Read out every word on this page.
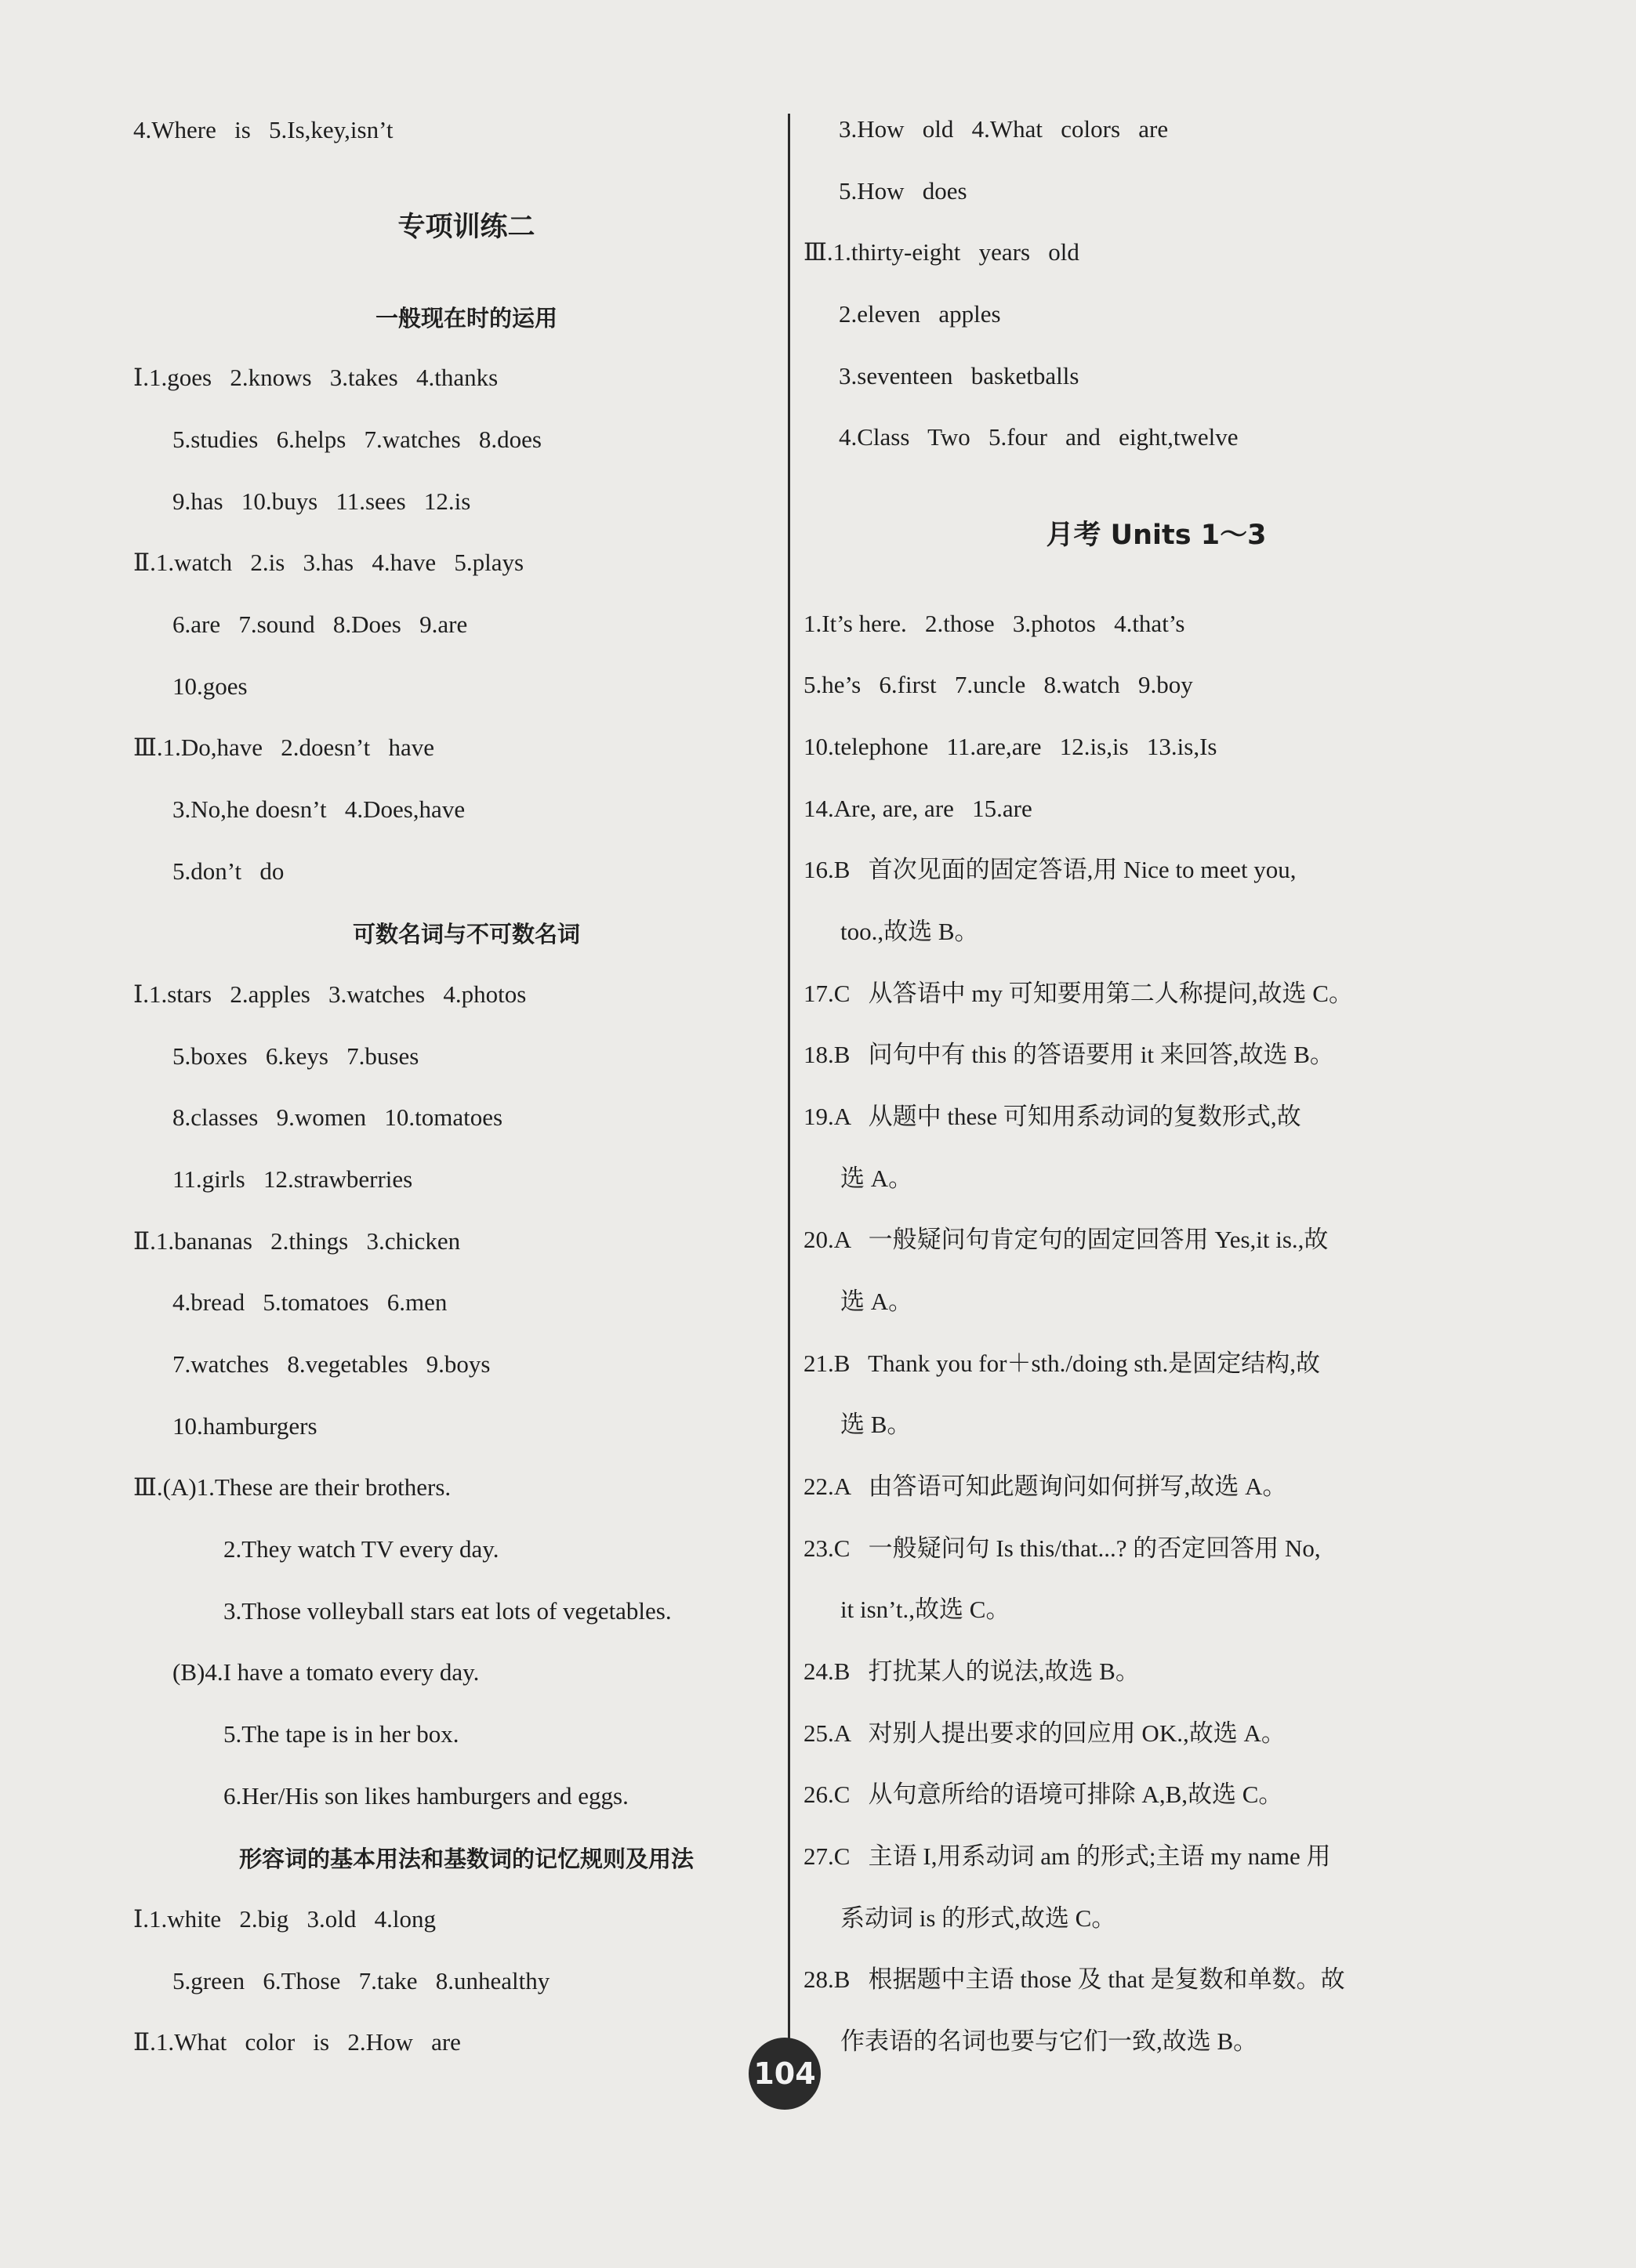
4.Where   is   5.Is,key,isn’t
专项训练二
一般现在时的运用
Ⅰ.1.goes   2.knows   3.takes   4.thanks
5.studies   6.helps   7.watches   8.does
9.has   10.buys   11.sees   12.is
Ⅱ.1.watch   2.is   3.has   4.have   5.plays
6.are   7.sound   8.Does   9.are
10.goes
Ⅲ.1.Do,have   2.doesn’t   have
3.No,he doesn’t   4.Does,have
5.don’t   do
可数名词与不可数名词
Ⅰ.1.stars   2.apples   3.watches   4.photos
5.boxes   6.keys   7.buses
8.classes   9.women   10.tomatoes
11.girls   12.strawberries
Ⅱ.1.bananas   2.things   3.chicken
4.bread   5.tomatoes   6.men
7.watches   8.vegetables   9.boys
10.hamburgers
Ⅲ.(A)1.These are their brothers.
2.They watch TV every day.
3.Those volleyball stars eat lots of vegetables.
(B)4.I have a tomato every day.
5.The tape is in her box.
6.Her/His son likes hamburgers and eggs.
形容词的基本用法和基数词的记忆规则及用法
Ⅰ.1.white   2.big   3.old   4.long
5.green   6.Those   7.take   8.unhealthy
Ⅱ.1.What   color   is   2.How   are
3.How   old   4.What   colors   are
5.How   does
Ⅲ.1.thirty-eight   years   old
2.eleven   apples
3.seventeen   basketballs
4.Class   Two   5.four   and   eight,twelve
月考 Units 1～3
1.It’s here.   2.those   3.photos   4.that’s
5.he’s   6.first   7.uncle   8.watch   9.boy
10.telephone   11.are,are   12.is,is   13.is,Is
14.Are, are, are   15.are
16.B   首次见面的固定答语,用 Nice to meet you,
too.,故选 B。
17.C   从答语中 my 可知要用第二人称提问,故选 C。
18.B   问句中有 this 的答语要用 it 来回答,故选 B。
19.A   从题中 these 可知用系动词的复数形式,故
选 A。
20.A   一般疑问句肯定句的固定回答用 Yes,it is.,故
选 A。
21.B   Thank you for＋sth./doing sth.是固定结构,故
选 B。
22.A   由答语可知此题询问如何拼写,故选 A。
23.C   一般疑问句 Is this/that...? 的否定回答用 No,
it isn’t.,故选 C。
24.B   打扰某人的说法,故选 B。
25.A   对别人提出要求的回应用 OK.,故选 A。
26.C   从句意所给的语境可排除 A,B,故选 C。
27.C   主语 I,用系动词 am 的形式;主语 my name 用
系动词 is 的形式,故选 C。
28.B   根据题中主语 those 及 that 是复数和单数。故
作表语的名词也要与它们一致,故选 B。
104
